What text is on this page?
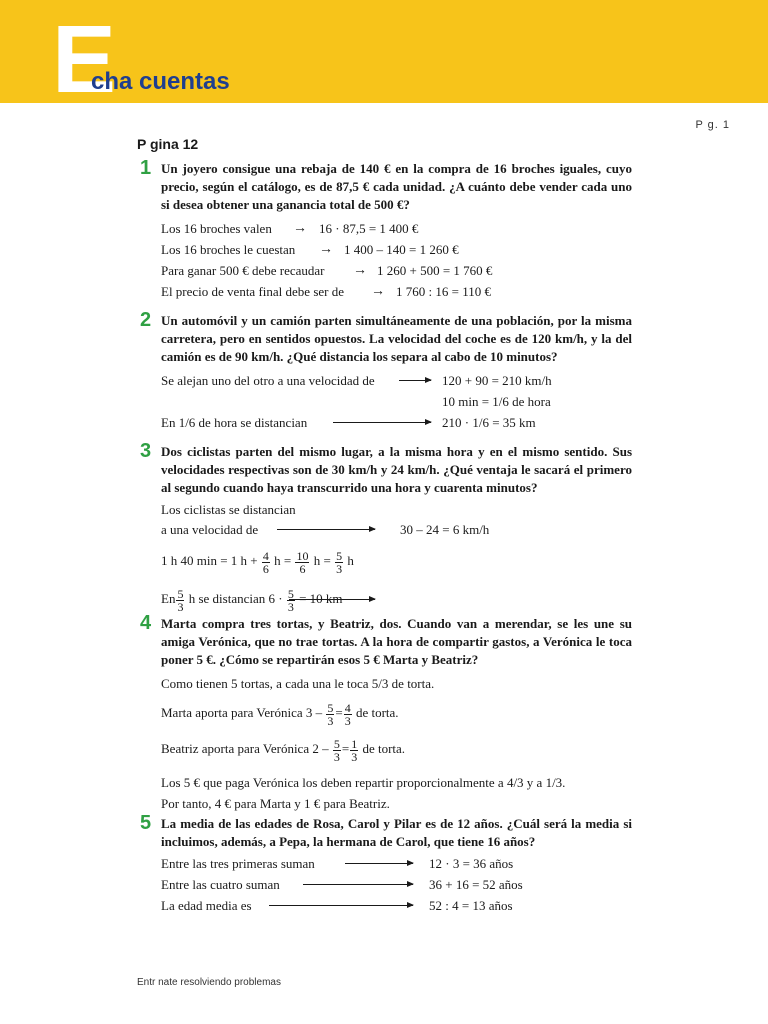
E
cha cuentas
P g. 1
P gina 12
1 Un joyero consigue una rebaja de 140 € en la compra de 16 broches iguales, cuyo precio, según el catálogo, es de 87,5 € cada unidad. ¿A cuánto debe vender cada uno si desea obtener una ganancia total de 500 €?
Los 16 broches valen → 16 · 87,5 = 1 400 €
Los 16 broches le cuestan → 1 400 – 140 = 1 260 €
Para ganar 500 € debe recaudar → 1 260 + 500 = 1 760 €
El precio de venta final debe ser de → 1 760 : 16 = 110 €
2 Un automóvil y un camión parten simultáneamente de una población, por la misma carretera, pero en sentidos opuestos. La velocidad del coche es de 120 km/h, y la del camión es de 90 km/h. ¿Qué distancia los separa al cabo de 10 minutos?
Se alejan uno del otro a una velocidad de	120 + 90 = 210 km/h
10 min = 1/6 de hora
En 1/6 de hora se distancian	210 · 1/6 = 35 km
3 Dos ciclistas parten del mismo lugar, a la misma hora y en el mismo sentido. Sus velocidades respectivas son de 30 km/h y 24 km/h. ¿Qué ventaja le sacará el primero al segundo cuando haya transcurrido una hora y cuarenta minutos?
Los ciclistas se distancian
a una velocidad de	30 – 24 = 6 km/h
1 h 40 min = 1 $h + \frac{4}{6}$ $h = \frac{10}{6}$ $h = \frac{5}{3}$ h
En $\frac{5}{3}$ h se distancian $6 \cdot \frac{5}{3} = 10$ km
4 Marta compra tres tortas, y Beatriz, dos. Cuando van a merendar, se les une su amiga Verónica, que no trae tortas. A la hora de compartir gastos, a Verónica le toca poner 5 €. ¿Cómo se repartirán esos 5 € Marta y Beatriz?
Como tienen 5 tortas, a cada una le toca 5/3 de torta.
Marta aporta para Verónica $3 - \frac{5}{3} = \frac{4}{3}$ de torta.
Beatriz aporta para Verónica $2 - \frac{5}{3} = \frac{1}{3}$ de torta.
Los 5 € que paga Verónica los deben repartir proporcionalmente a 4/3 y a 1/3.
Por tanto, 4 € para Marta y 1 € para Beatriz.
5 La media de las edades de Rosa, Carol y Pilar es de 12 años. ¿Cuál será la media si incluimos, además, a Pepa, la hermana de Carol, que tiene 16 años?
Entre las tres primeras suman	12 · 3 = 36 años
Entre las cuatro suman	36 + 16 = 52 años
La edad media es	52 : 4 = 13 años
Entr nate resolviendo problemas
